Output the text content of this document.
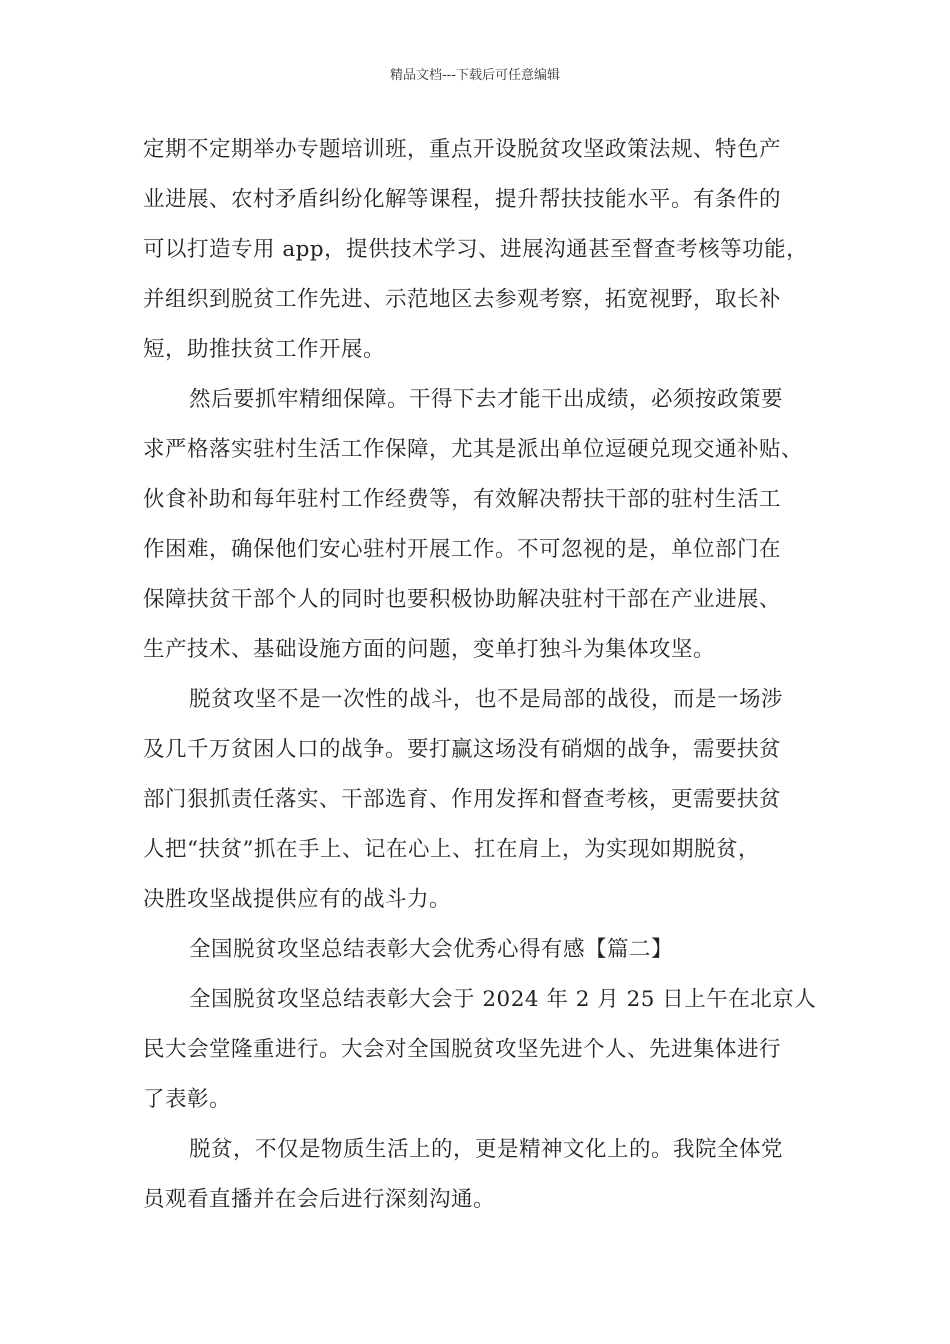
精品文档---下载后可任意编辑
定期不定期举办专题培训班，重点开设脱贫攻坚政策法规、特色产
业进展、农村矛盾纠纷化解等课程，提升帮扶技能水平。有条件的
可以打造专用 app，提供技术学习、进展沟通甚至督查考核等功能，
并组织到脱贫工作先进、示范地区去参观考察，拓宽视野，取长补
短，助推扶贫工作开展。
然后要抓牢精细保障。干得下去才能干出成绩，必须按政策要
求严格落实驻村生活工作保障，尤其是派出单位逗硬兑现交通补贴、
伙食补助和每年驻村工作经费等，有效解决帮扶干部的驻村生活工
作困难，确保他们安心驻村开展工作。不可忽视的是，单位部门在
保障扶贫干部个人的同时也要积极协助解决驻村干部在产业进展、
生产技术、基础设施方面的问题，变单打独斗为集体攻坚。
脱贫攻坚不是一次性的战斗，也不是局部的战役，而是一场涉
及几千万贫困人口的战争。要打赢这场没有硝烟的战争，需要扶贫
部门狠抓责任落实、干部选育、作用发挥和督查考核，更需要扶贫
人把“扶贫”抓在手上、记在心上、扛在肩上，为实现如期脱贫，
决胜攻坚战提供应有的战斗力。
全国脱贫攻坚总结表彰大会优秀心得有感【篇二】
全国脱贫攻坚总结表彰大会于 2024 年 2 月 25 日上午在北京人
民大会堂隆重进行。大会对全国脱贫攻坚先进个人、先进集体进行
了表彰。
脱贫，不仅是物质生活上的，更是精神文化上的。我院全体党
员观看直播并在会后进行深刻沟通。
